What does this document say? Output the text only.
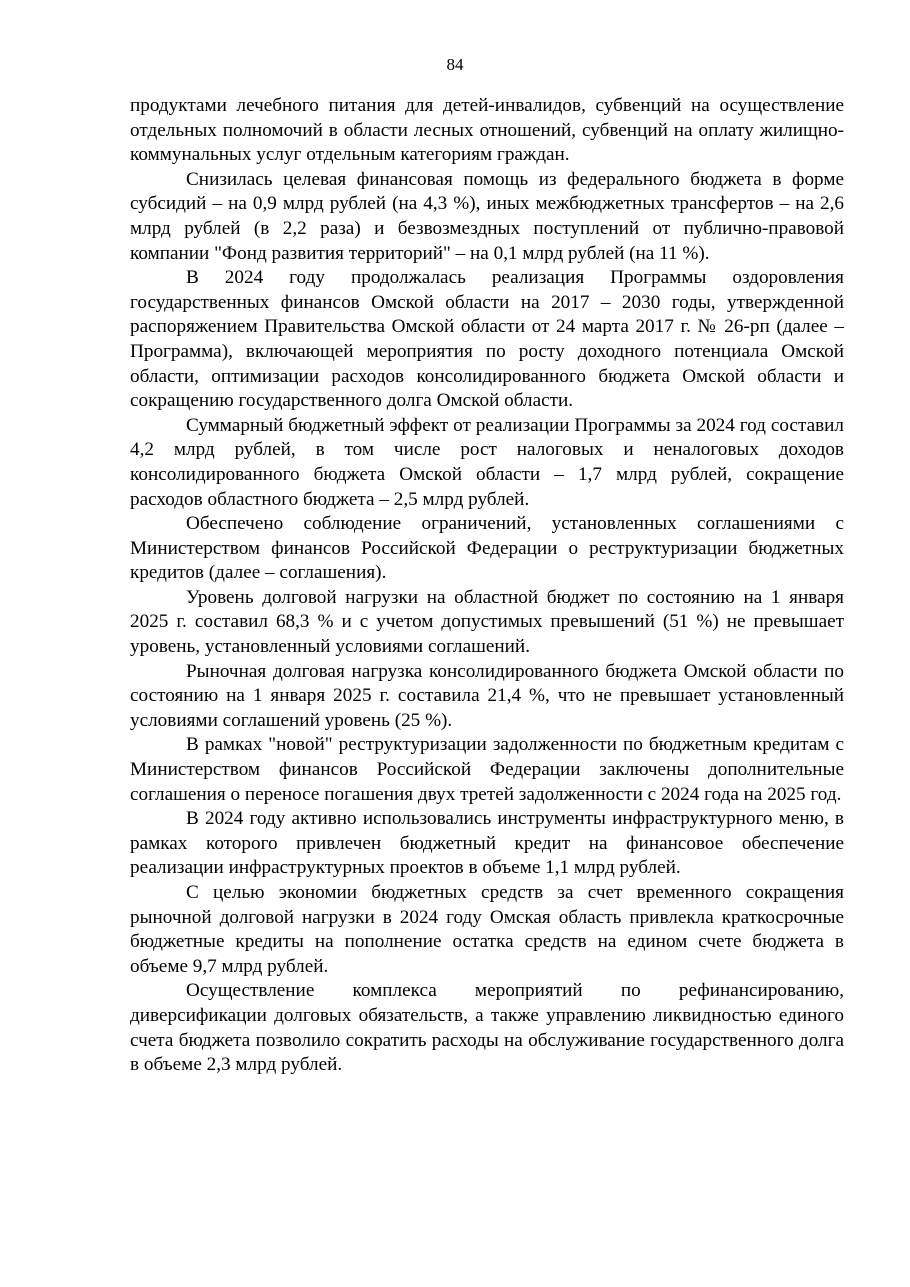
84

продуктами лечебного питания для детей-инвалидов, субвенций на осуществление отдельных полномочий в области лесных отношений, субвенций на оплату жилищно-коммунальных услуг отдельным категориям граждан.

Снизилась целевая финансовая помощь из федерального бюджета в форме субсидий – на 0,9 млрд рублей (на 4,3 %), иных межбюджетных трансфертов – на 2,6 млрд рублей (в 2,2 раза) и безвозмездных поступлений от публично-правовой компании "Фонд развития территорий" – на 0,1 млрд рублей (на 11 %).

В 2024 году продолжалась реализация Программы оздоровления государственных финансов Омской области на 2017 – 2030 годы, утвержденной распоряжением Правительства Омской области от 24 марта 2017 г. № 26-рп (далее – Программа), включающей мероприятия по росту доходного потенциала Омской области, оптимизации расходов консолидированного бюджета Омской области и сокращению государственного долга Омской области.

Суммарный бюджетный эффект от реализации Программы за 2024 год составил 4,2 млрд рублей, в том числе рост налоговых и неналоговых доходов консолидированного бюджета Омской области – 1,7 млрд рублей, сокращение расходов областного бюджета – 2,5 млрд рублей.

Обеспечено соблюдение ограничений, установленных соглашениями с Министерством финансов Российской Федерации о реструктуризации бюджетных кредитов (далее – соглашения).

Уровень долговой нагрузки на областной бюджет по состоянию на 1 января 2025 г. составил 68,3 % и с учетом допустимых превышений (51 %) не превышает уровень, установленный условиями соглашений.

Рыночная долговая нагрузка консолидированного бюджета Омской области по состоянию на 1 января 2025 г. составила 21,4 %, что не превышает установленный условиями соглашений уровень (25 %).

В рамках "новой" реструктуризации задолженности по бюджетным кредитам с Министерством финансов Российской Федерации заключены дополнительные соглашения о переносе погашения двух третей задолженности с 2024 года на 2025 год.

В 2024 году активно использовались инструменты инфраструктурного меню, в рамках которого привлечен бюджетный кредит на финансовое обеспечение реализации инфраструктурных проектов в объеме 1,1 млрд рублей.

С целью экономии бюджетных средств за счет временного сокращения рыночной долговой нагрузки в 2024 году Омская область привлекла краткосрочные бюджетные кредиты на пополнение остатка средств на едином счете бюджета в объеме 9,7 млрд рублей.

Осуществление комплекса мероприятий по рефинансированию, диверсификации долговых обязательств, а также управлению ликвидностью единого счета бюджета позволило сократить расходы на обслуживание государственного долга в объеме 2,3 млрд рублей.
